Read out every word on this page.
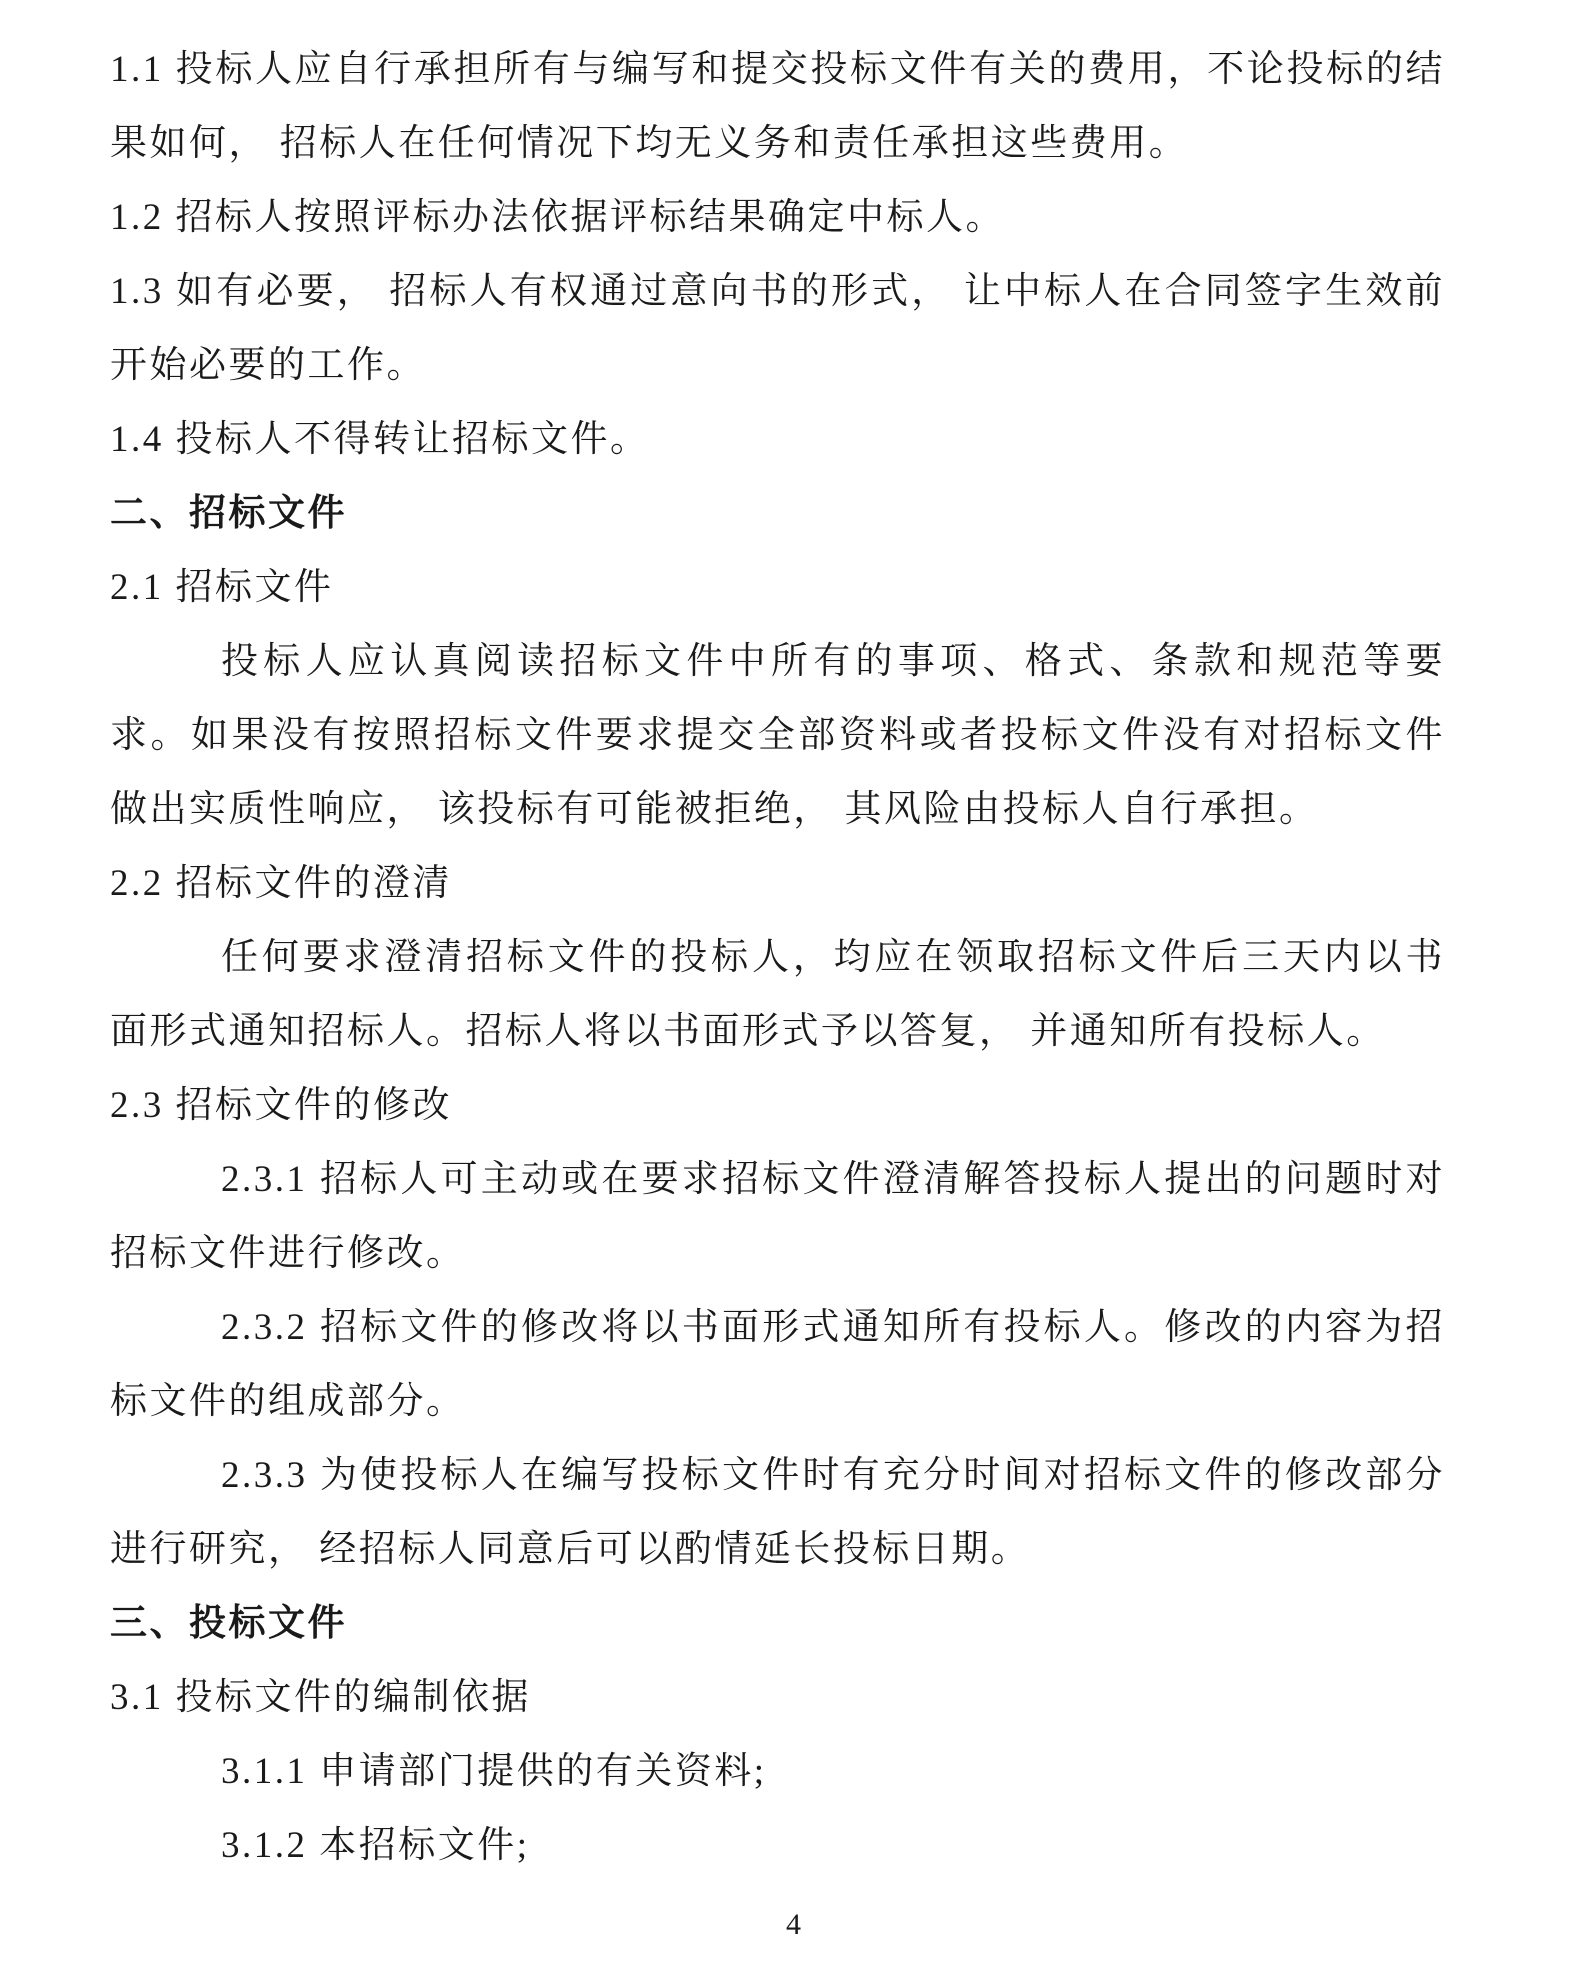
1.1 投标人应自行承担所有与编写和提交投标文件有关的费用，不论投标的结果如何， 招标人在任何情况下均无义务和责任承担这些费用。

1.2 招标人按照评标办法依据评标结果确定中标人。

1.3 如有必要， 招标人有权通过意向书的形式， 让中标人在合同签字生效前开始必要的工作。

1.4 投标人不得转让招标文件。

二、招标文件

2.1 招标文件

投标人应认真阅读招标文件中所有的事项、格式、条款和规范等要求。如果没有按照招标文件要求提交全部资料或者投标文件没有对招标文件做出实质性响应， 该投标有可能被拒绝， 其风险由投标人自行承担。

2.2 招标文件的澄清

任何要求澄清招标文件的投标人，均应在领取招标文件后三天内以书面形式通知招标人。招标人将以书面形式予以答复， 并通知所有投标人。

2.3 招标文件的修改

2.3.1 招标人可主动或在要求招标文件澄清解答投标人提出的问题时对招标文件进行修改。

2.3.2 招标文件的修改将以书面形式通知所有投标人。修改的内容为招标文件的组成部分。

2.3.3 为使投标人在编写投标文件时有充分时间对招标文件的修改部分进行研究， 经招标人同意后可以酌情延长投标日期。

三、投标文件

3.1 投标文件的编制依据

3.1.1 申请部门提供的有关资料;

3.1.2 本招标文件;

4
